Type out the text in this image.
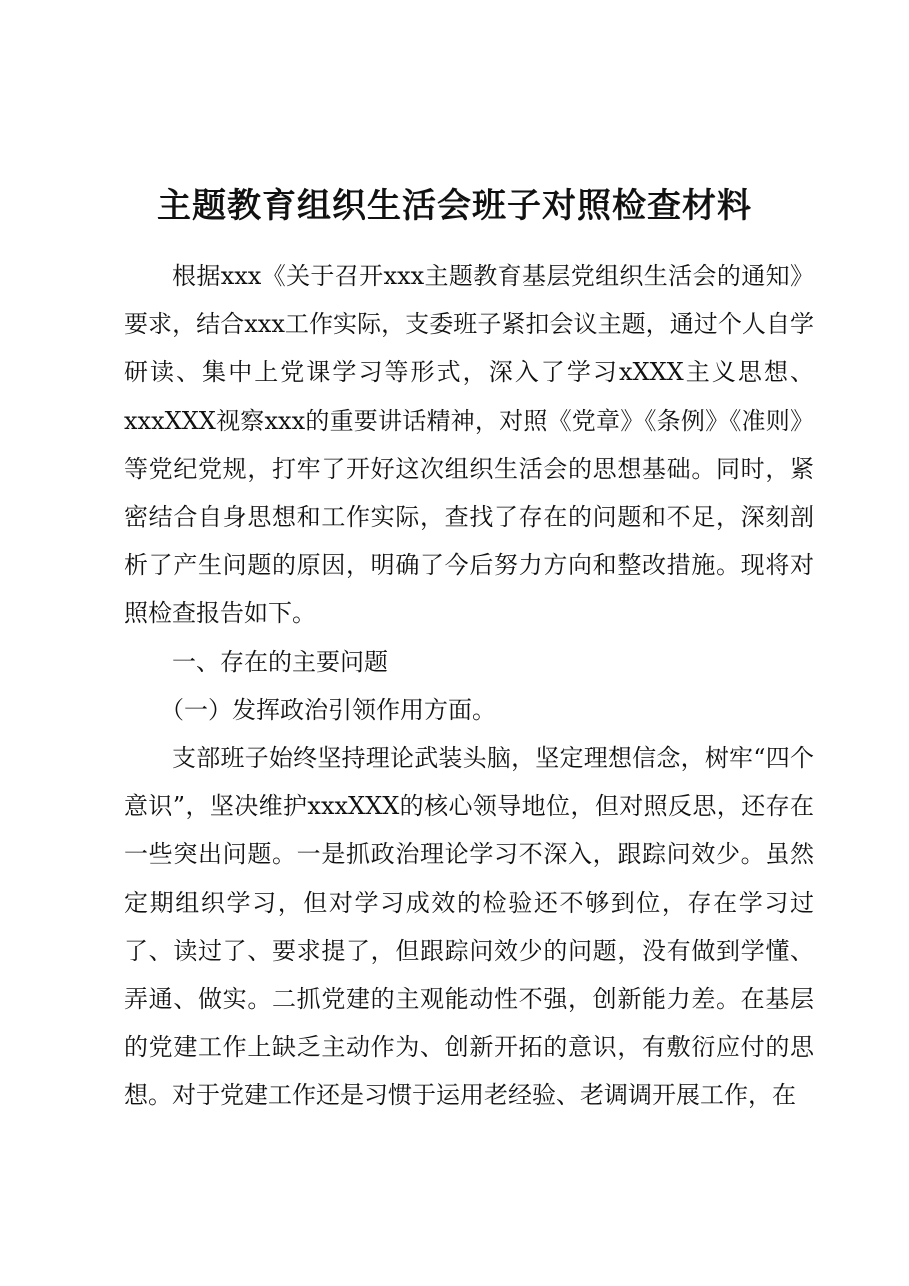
主题教育组织生活会班子对照检查材料

根据xxx《关于召开xxx主题教育基层党组织生活会的通知》要求，结合xxx工作实际，支委班子紧扣会议主题，通过个人自学研读、集中上党课学习等形式，深入了学习xXXX主义思想、xxxXXX视察xxx的重要讲话精神，对照《党章》《条例》《准则》等党纪党规，打牢了开好这次组织生活会的思想基础。同时，紧密结合自身思想和工作实际，查找了存在的问题和不足，深刻剖析了产生问题的原因，明确了今后努力方向和整改措施。现将对照检查报告如下。

一、存在的主要问题

（一）发挥政治引领作用方面。

支部班子始终坚持理论武装头脑，坚定理想信念，树牢“四个意识”，坚决维护xxxXXX的核心领导地位，但对照反思，还存在一些突出问题。一是抓政治理论学习不深入，跟踪问效少。虽然定期组织学习，但对学习成效的检验还不够到位，存在学习过了、读过了、要求提了，但跟踪问效少的问题，没有做到学懂、弄通、做实。二抓党建的主观能动性不强，创新能力差。在基层的党建工作上缺乏主动作为、创新开拓的意识，有敷衍应付的思想。对于党建工作还是习惯于运用老经验、老调调开展工作，在
